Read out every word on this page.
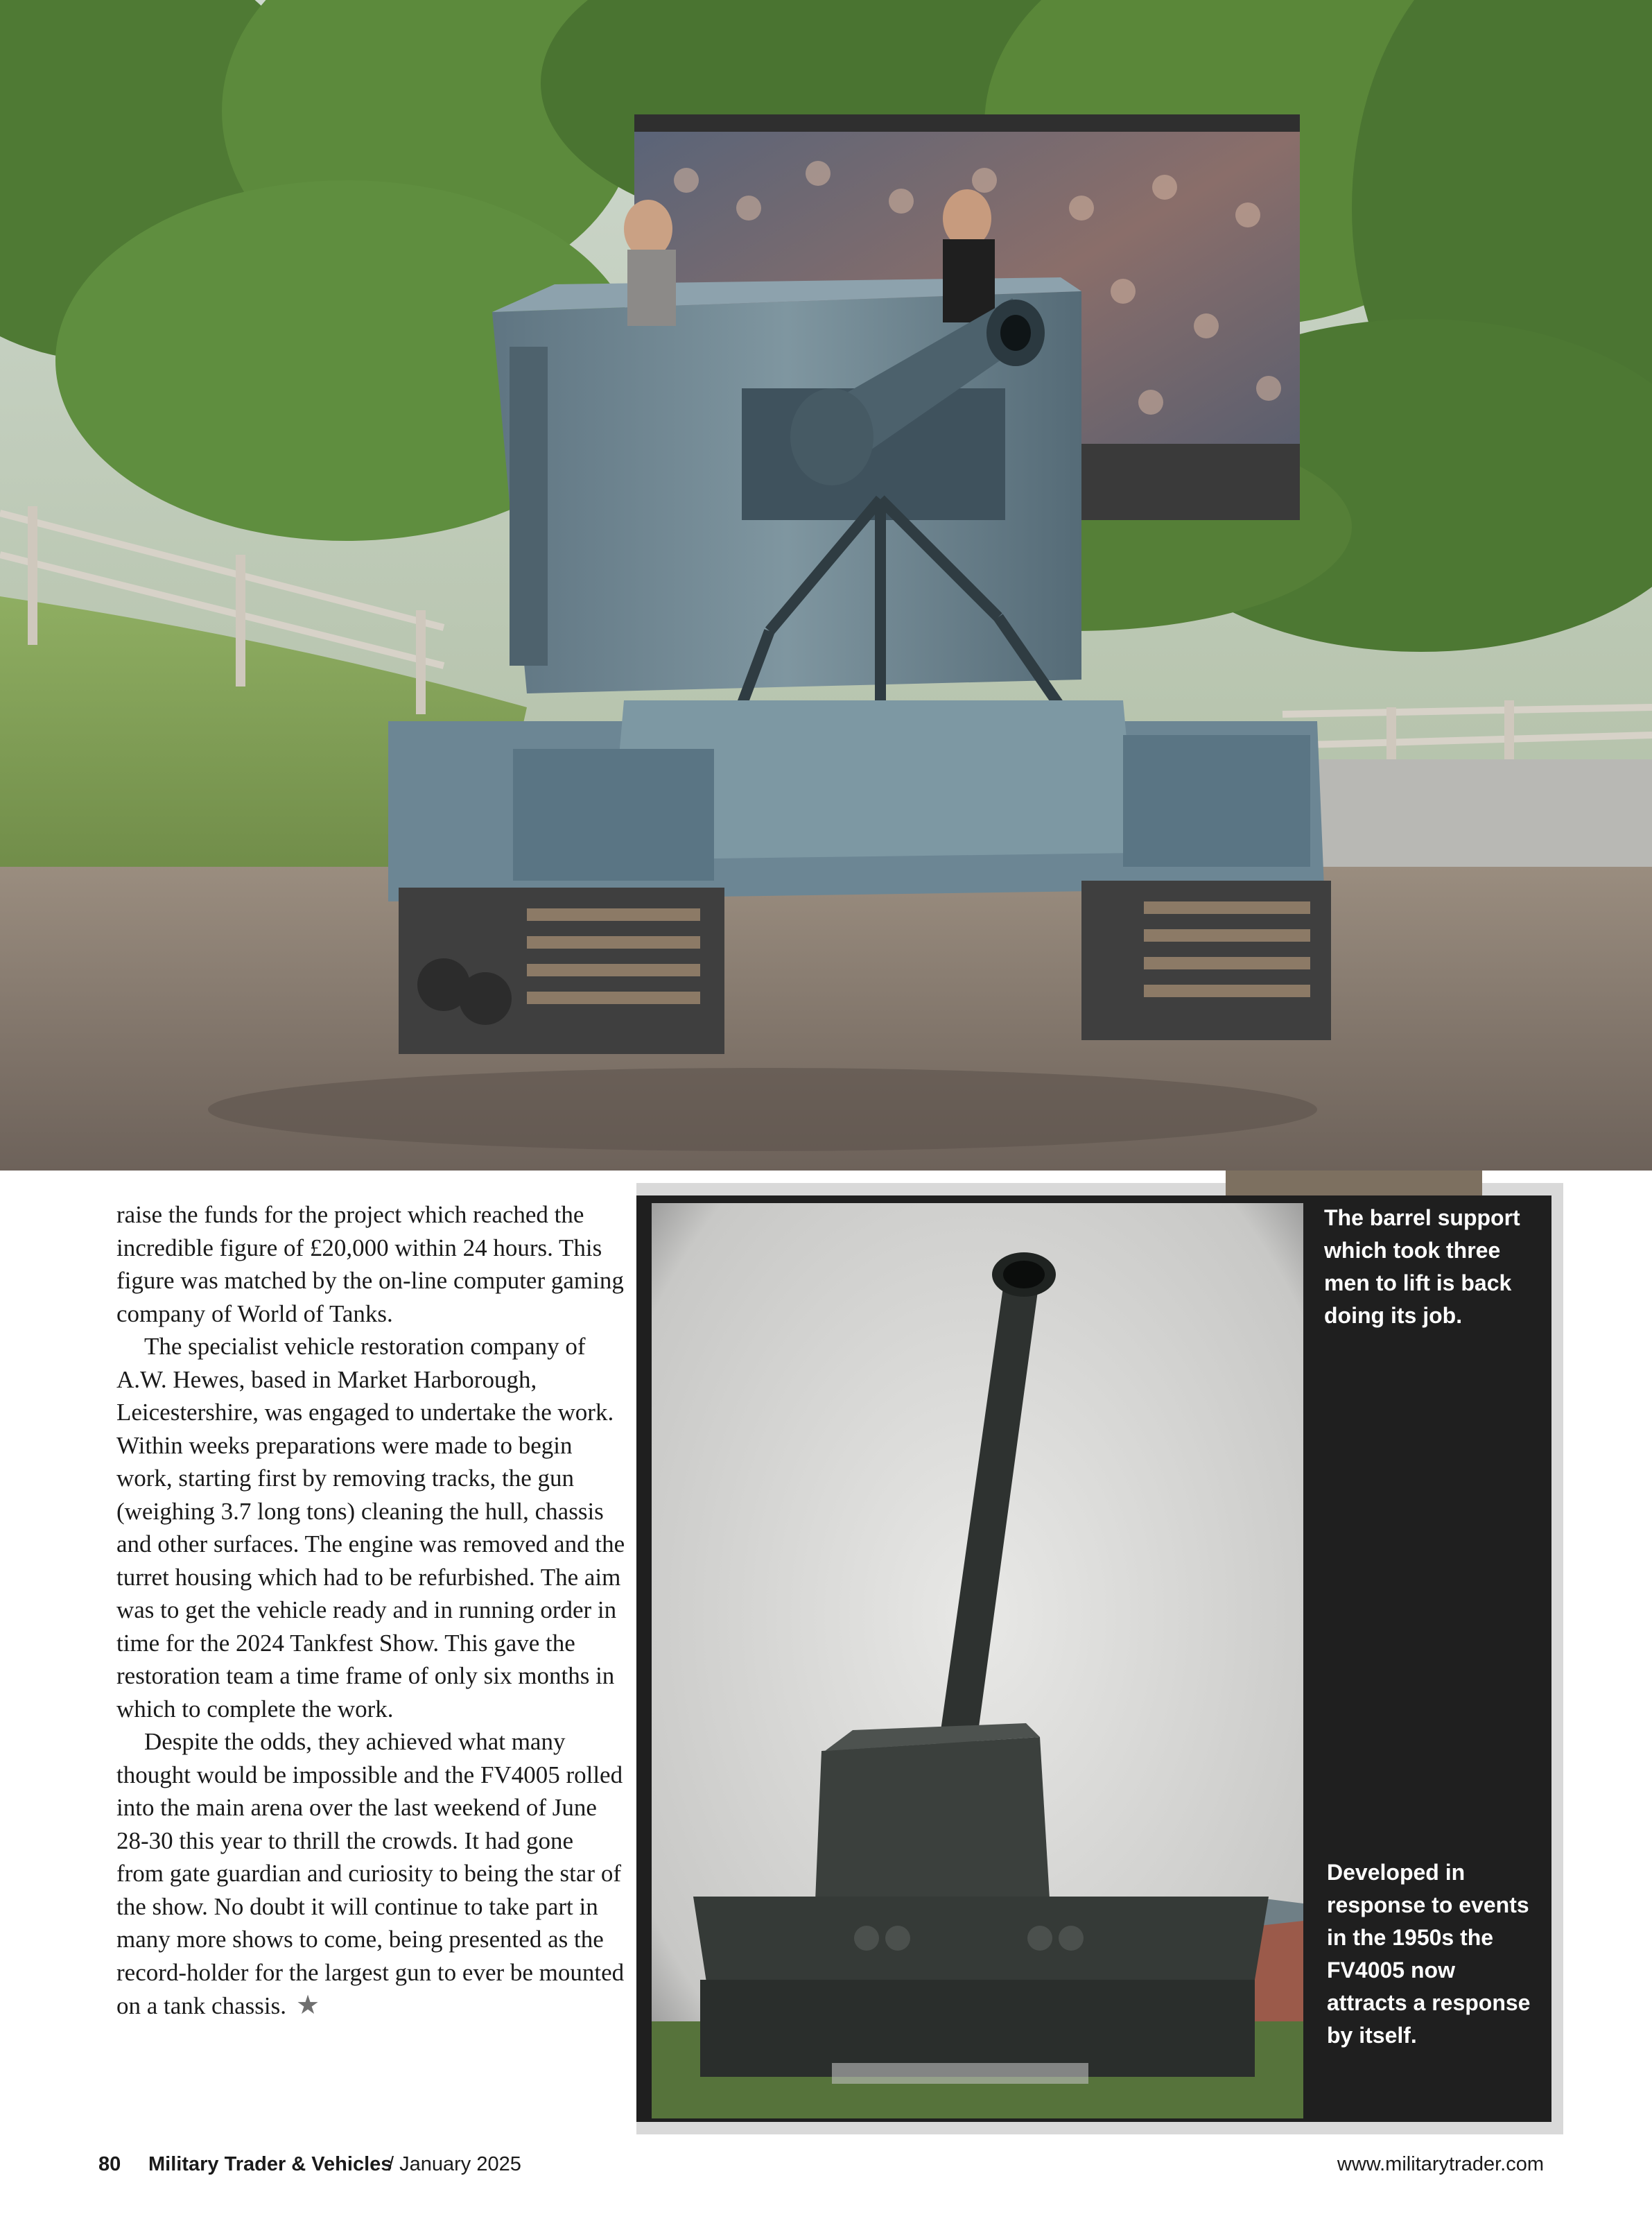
raise the funds for the project which reached the incredible figure of £20,000 within 24 hours. This figure was matched by the on-line computer gaming company of World of Tanks.

The specialist vehicle restoration company of A.W. Hewes, based in Market Harborough, Leicestershire, was engaged to undertake the work. Within weeks preparations were made to begin work, starting first by removing tracks, the gun (weighing 3.7 long tons) cleaning the hull, chassis and other surfaces. The engine was removed and the turret housing which had to be refurbished. The aim was to get the vehicle ready and in running order in time for the 2024 Tankfest Show. This gave the restoration team a time frame of only six months in which to complete the work.

Despite the odds, they achieved what many thought would be impossible and the FV4005 rolled into the main arena over the last weekend of June 28-30 this year to thrill the crowds. It had gone from gate guardian and curiosity to being the star of the show. No doubt it will continue to take part in many more shows to come, being presented as the record-holder for the largest gun to ever be mounted on a tank chassis. ★

The barrel support which took three men to lift is back doing its job.

Developed in response to events in the 1950s the FV4005 now attracts a response by itself.

80 Military Trader & Vehicles
/ January 2025	www.militarytrader.com
